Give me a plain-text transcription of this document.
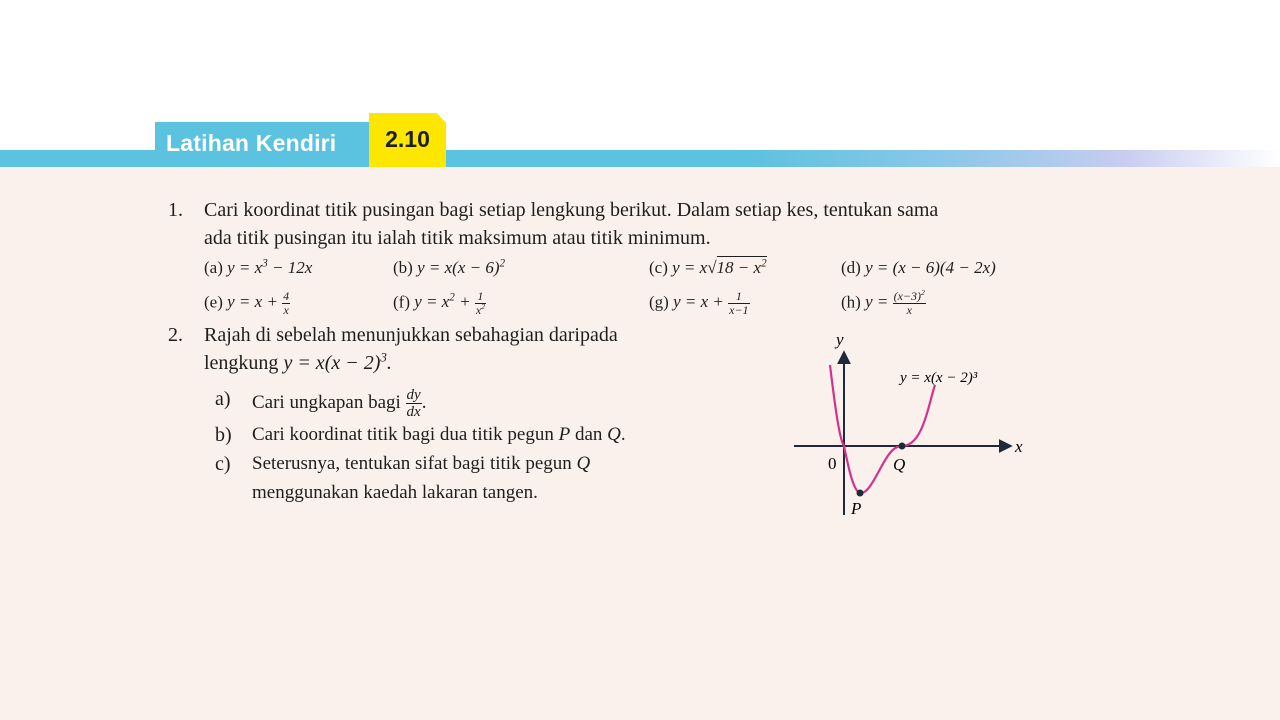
Latihan Kendiri	2.10
1. Cari koordinat titik pusingan bagi setiap lengkung berikut. Dalam setiap kes, tentukan sama
ada titik pusingan itu ialah titik maksimum atau titik minimum.
(a) $y = x^3 - 12x$	(b) $y = x(x - 6)^2$	(c) $y = x√18 - x^2$	(d) y = (x − 6)(4 − 2x)
(e) $y = x + \frac{4}{x}$	(f) $y = x^2 + \frac{1}{x^2}$	(g) $y = x + \frac{1}{x-1}$	(h) $y = \frac{(x-3)^2}{x}$
2. Rajah di sebelah menunjukkan sebahagian daripada
lengkung $y = x(x - 2)^3$.
a) Cari ungkapan bagi $\frac{dy}{dx}$ .
b) Cari koordinat titik bagi dua titik pegun P dan Q.
c) Seterusnya, tentukan sifat bagi titik pegun Q
menggunakan kaedah lakaran tangen.
y
x
0	Q
P
y = x(x − 2)³
